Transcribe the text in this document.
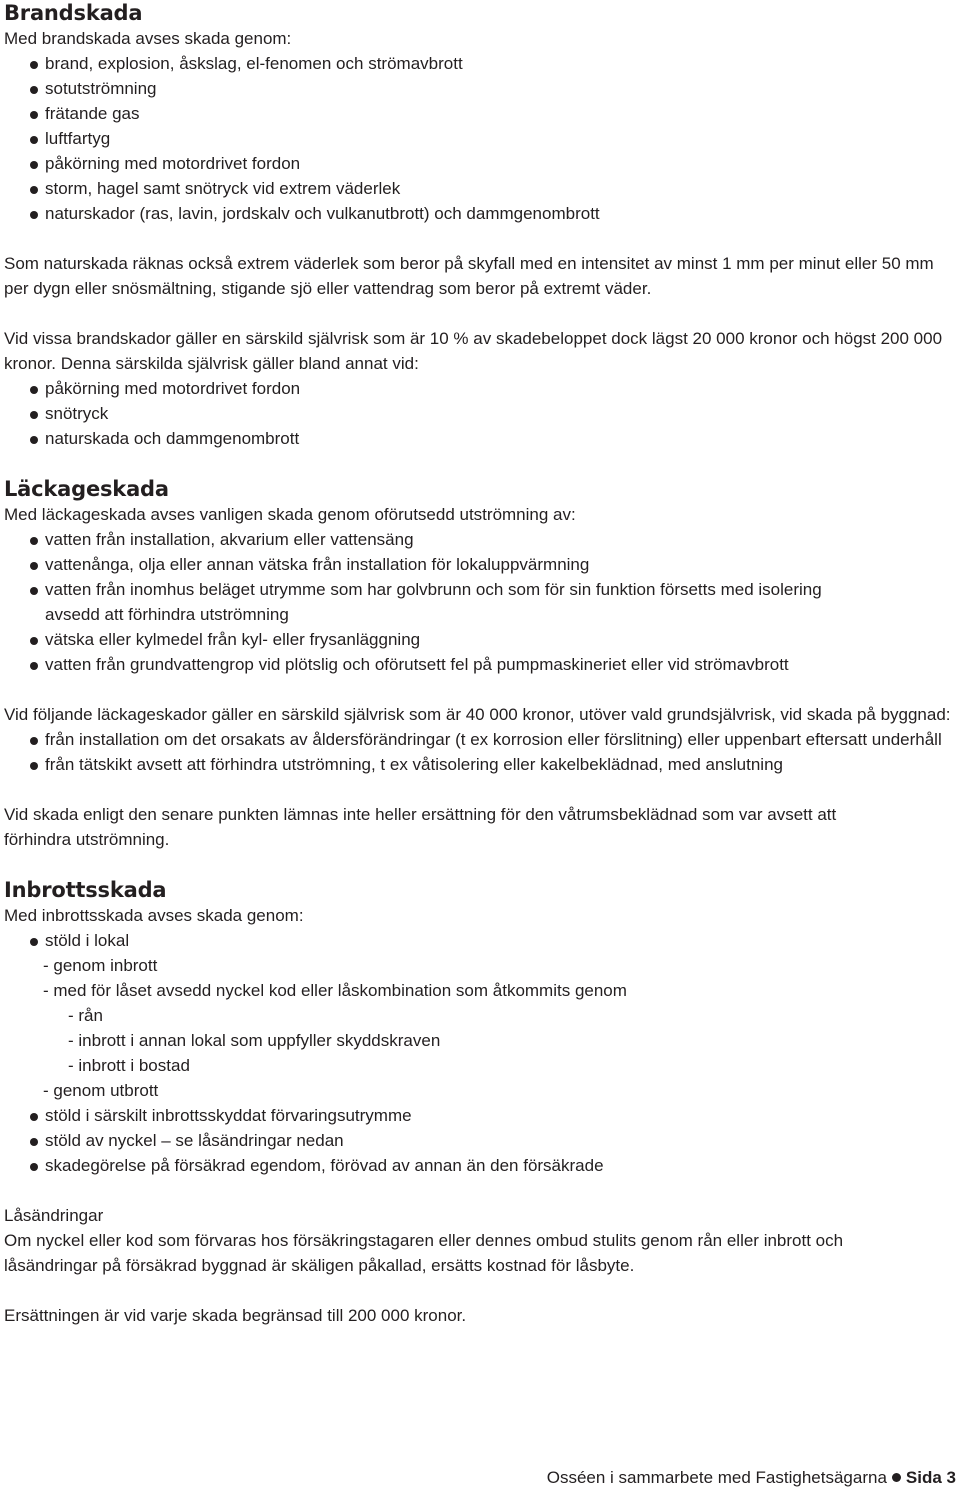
Brandskada

Med brandskada avses skada genom:

brand, explosion, åskslag, el-fenomen och strömavbrott
sotutströmning
frätande gas
luftfartyg
påkörning med motordrivet fordon
storm, hagel samt snötryck vid extrem väderlek
naturskador (ras, lavin, jordskalv och vulkanutbrott) och dammgenombrott

Som naturskada räknas också extrem väderlek som beror på skyfall med en intensitet av minst 1 mm per minut eller 50 mm per dygn eller snösmältning, stigande sjö eller vattendrag som beror på extremt väder.

Vid vissa brandskador gäller en särskild självrisk som är 10 % av skadebeloppet dock lägst 20 000 kronor och högst 200 000 kronor. Denna särskilda självrisk gäller bland annat vid:

påkörning med motordrivet fordon
snötryck
naturskada och dammgenombrott
Läckageskada

Med läckageskada avses vanligen skada genom oförutsedd utströmning av:

vatten från installation, akvarium eller vattensäng
vattenånga, olja eller annan vätska från installation för lokaluppvärmning
vatten från inomhus beläget utrymme som har golvbrunn och som för sin funktion försetts med isolering avsedd att förhindra utströmning
vätska eller kylmedel från kyl- eller frysanläggning
vatten från grundvattengrop vid plötslig och oförutsett fel på pumpmaskineriet eller vid strömavbrott

Vid följande läckageskador gäller en särskild självrisk som är 40 000 kronor, utöver vald grundsjälvrisk, vid skada på byggnad:

från installation om det orsakats av åldersförändringar (t ex korrosion eller förslitning) eller uppenbart eftersatt underhåll
från tätskikt avsett att förhindra utströmning, t ex våtisolering eller kakelbeklädnad, med anslutning

Vid skada enligt den senare punkten lämnas inte heller ersättning för den våtrumsbeklädnad som var avsett att förhindra utströmning.

Inbrottsskada

Med inbrottsskada avses skada genom:

stöld i lokal
- genom inbrott
- med för låset avsedd nyckel kod eller låskombination som åtkommits genom
- rån
- inbrott i annan lokal som uppfyller skyddskraven
- inbrott i bostad
- genom utbrott
stöld i särskilt inbrottsskyddat förvaringsutrymme
stöld av nyckel – se låsändringar nedan
skadegörelse på försäkrad egendom, förövad av annan än den försäkrade
Låsändringar

Om nyckel eller kod som förvaras hos försäkringstagaren eller dennes ombud stulits genom rån eller inbrott och låsändringar på försäkrad byggnad är skäligen påkallad, ersätts kostnad för låsbyte.

Ersättningen är vid varje skada begränsad till 200 000 kronor.

Osséen i sammarbete med Fastighetsägarna Sida 3
